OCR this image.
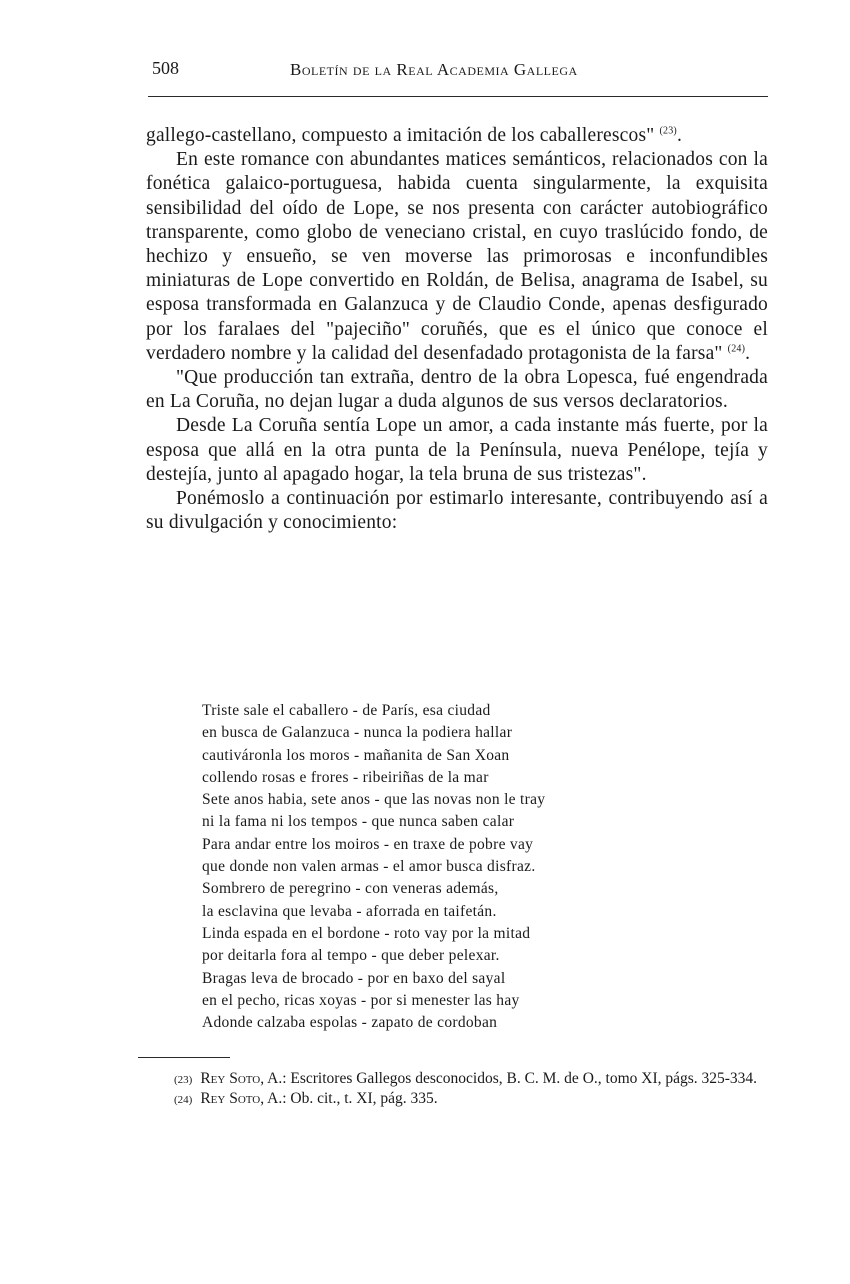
508	Boletín de la Real Academia Gallega

gallego-castellano, compuesto a imitación de los caballerescos" $^{(23)}$.

En este romance con abundantes matices semánticos, relacionados con la fonética galaico-portuguesa, habida cuenta singularmente, la exquisita sensibilidad del oído de Lope, se nos presenta con carácter autobiográfico transparente, como globo de veneciano cristal, en cuyo traslúcido fondo, de hechizo y ensueño, se ven moverse las primorosas e inconfundibles miniaturas de Lope convertido en Roldán, de Belisa, anagrama de Isabel, su esposa transformada en Galanzuca y de Claudio Conde, apenas desfigurado por los faralaes del "pajeciño" coruñés, que es el único que conoce el verdadero nombre y la calidad del desenfadado protagonista de la farsa" $^{(24)}$.

"Que producción tan extraña, dentro de la obra Lopesca, fué engendrada en La Coruña, no dejan lugar a duda algunos de sus versos declaratorios.

Desde La Coruña sentía Lope un amor, a cada instante más fuerte, por la esposa que allá en la otra punta de la Península, nueva Penélope, tejía y destejía, junto al apagado hogar, la tela bruna de sus tristezas".

Ponémoslo a continuación por estimarlo interesante, contribuyendo así a su divulgación y conocimiento:

Triste sale el caballero - de París, esa ciudad
en busca de Galanzuca - nunca la podiera hallar
cautiváronla los moros - mañanita de San Xoan
collendo rosas e frores - ribeiriñas de la mar
Sete anos habia, sete anos - que las novas non le tray
ni la fama ni los tempos - que nunca saben calar
Para andar entre los moiros - en traxe de pobre vay
que donde non valen armas - el amor busca disfraz.
Sombrero de peregrino - con veneras además,
la esclavina que levaba - aforrada en taifetán.
Linda espada en el bordone - roto vay por la mitad
por deitarla fora al tempo - que deber pelexar.
Bragas leva de brocado - por en baxo del sayal
en el pecho, ricas xoyas - por si menester las hay
Adonde calzaba espolas - zapato de cordoban

(23) Rey Soto, A.: Escritores Gallegos desconocidos, B. C. M. de O., tomo XI, págs. 325-334.

(24) Rey Soto, A.: Ob. cit., t. XI, pág. 335.
